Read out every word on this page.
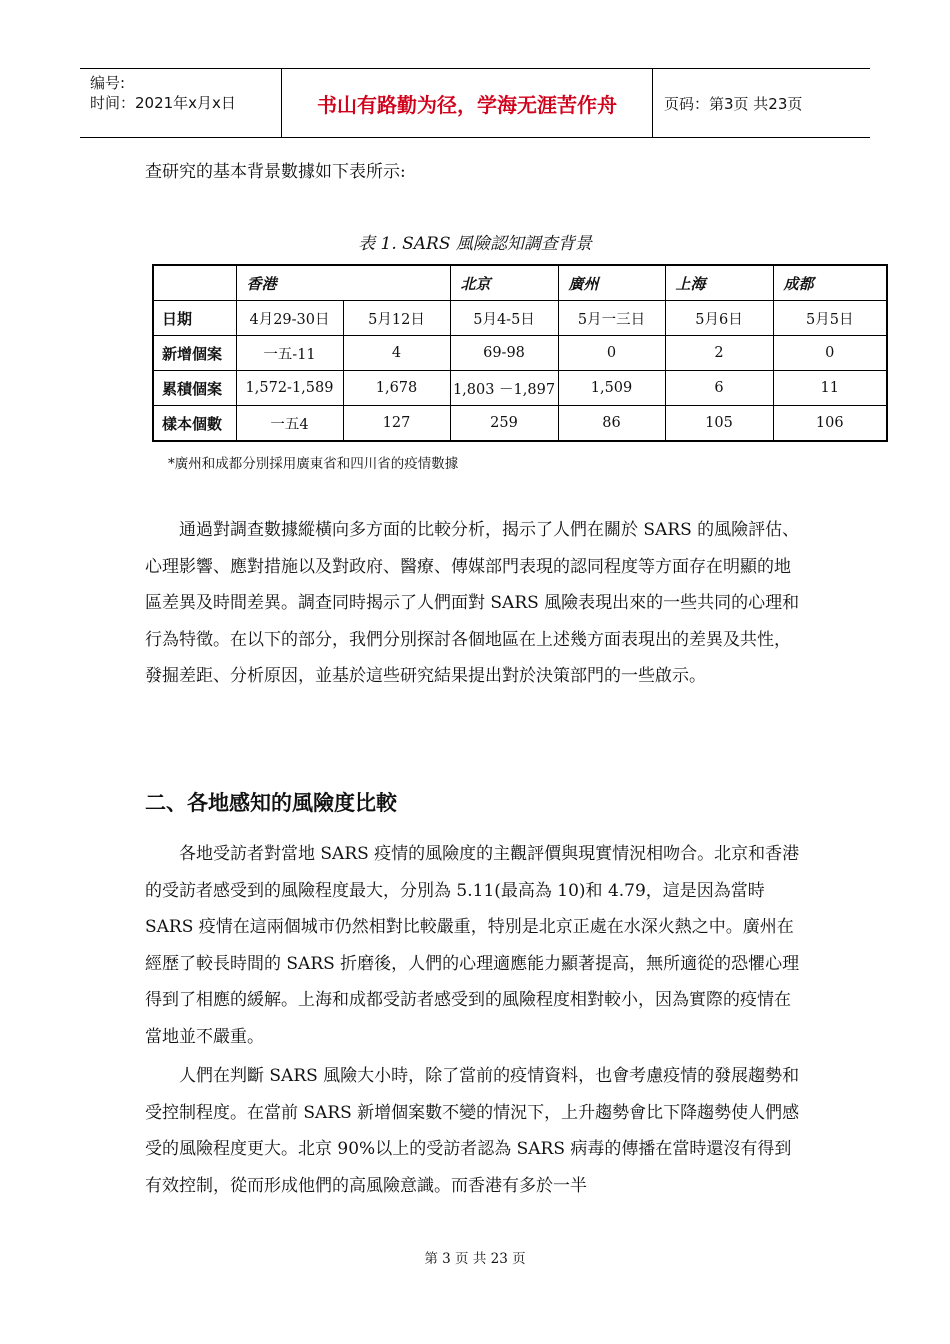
编号:
时间：2021年x月x日	书山有路勤为径，学海无涯苦作舟	页码：第3页 共23页

查研究的基本背景數據如下表所示:

表 1. SARS 風險認知調查背景
	香港		北京	廣州	上海	成都
日期	4月29-30日	5月12日	5月4-5日	5月一三日	5月6日	5月5日
新增個案	一五-11	4	69-98	0	2	0
累積個案	1,572-1,589	1,678	1,803 －1,897	1,509	6	11
樣本個數	一五4	127	259	86	105	106
*廣州和成都分別採用廣東省和四川省的疫情數據

　　通過對調查數據縱橫向多方面的比較分析，揭示了人們在關於 SARS 的風險評估、心理影響、應對措施以及對政府、醫療、傳媒部門表現的認同程度等方面存在明顯的地區差異及時間差異。調查同時揭示了人們面對 SARS 風險表現出來的一些共同的心理和行為特徵。在以下的部分，我們分別探討各個地區在上述幾方面表現出的差異及共性，發掘差距、分析原因，並基於這些研究結果提出對於決策部門的一些啟示。

二、各地感知的風險度比較

　　各地受訪者對當地 SARS 疫情的風險度的主觀評價與現實情況相吻合。北京和香港的受訪者感受到的風險程度最大，分別為 5.11(最高為 10)和 4.79，這是因為當時 SARS 疫情在這兩個城市仍然相對比較嚴重，特別是北京正處在水深火熱之中。廣州在經歷了較長時間的 SARS 折磨後，人們的心理適應能力顯著提高，無所適從的恐懼心理得到了相應的緩解。上海和成都受訪者感受到的風險程度相對較小，因為實際的疫情在當地並不嚴重。

　　人們在判斷 SARS 風險大小時，除了當前的疫情資料，也會考慮疫情的發展趨勢和受控制程度。在當前 SARS 新增個案數不變的情況下，上升趨勢會比下降趨勢使人們感受的風險程度更大。北京 90%以上的受訪者認為 SARS 病毒的傳播在當時還沒有得到有效控制，從而形成他們的高風險意識。而香港有多於一半

第 3 页 共 23 页
